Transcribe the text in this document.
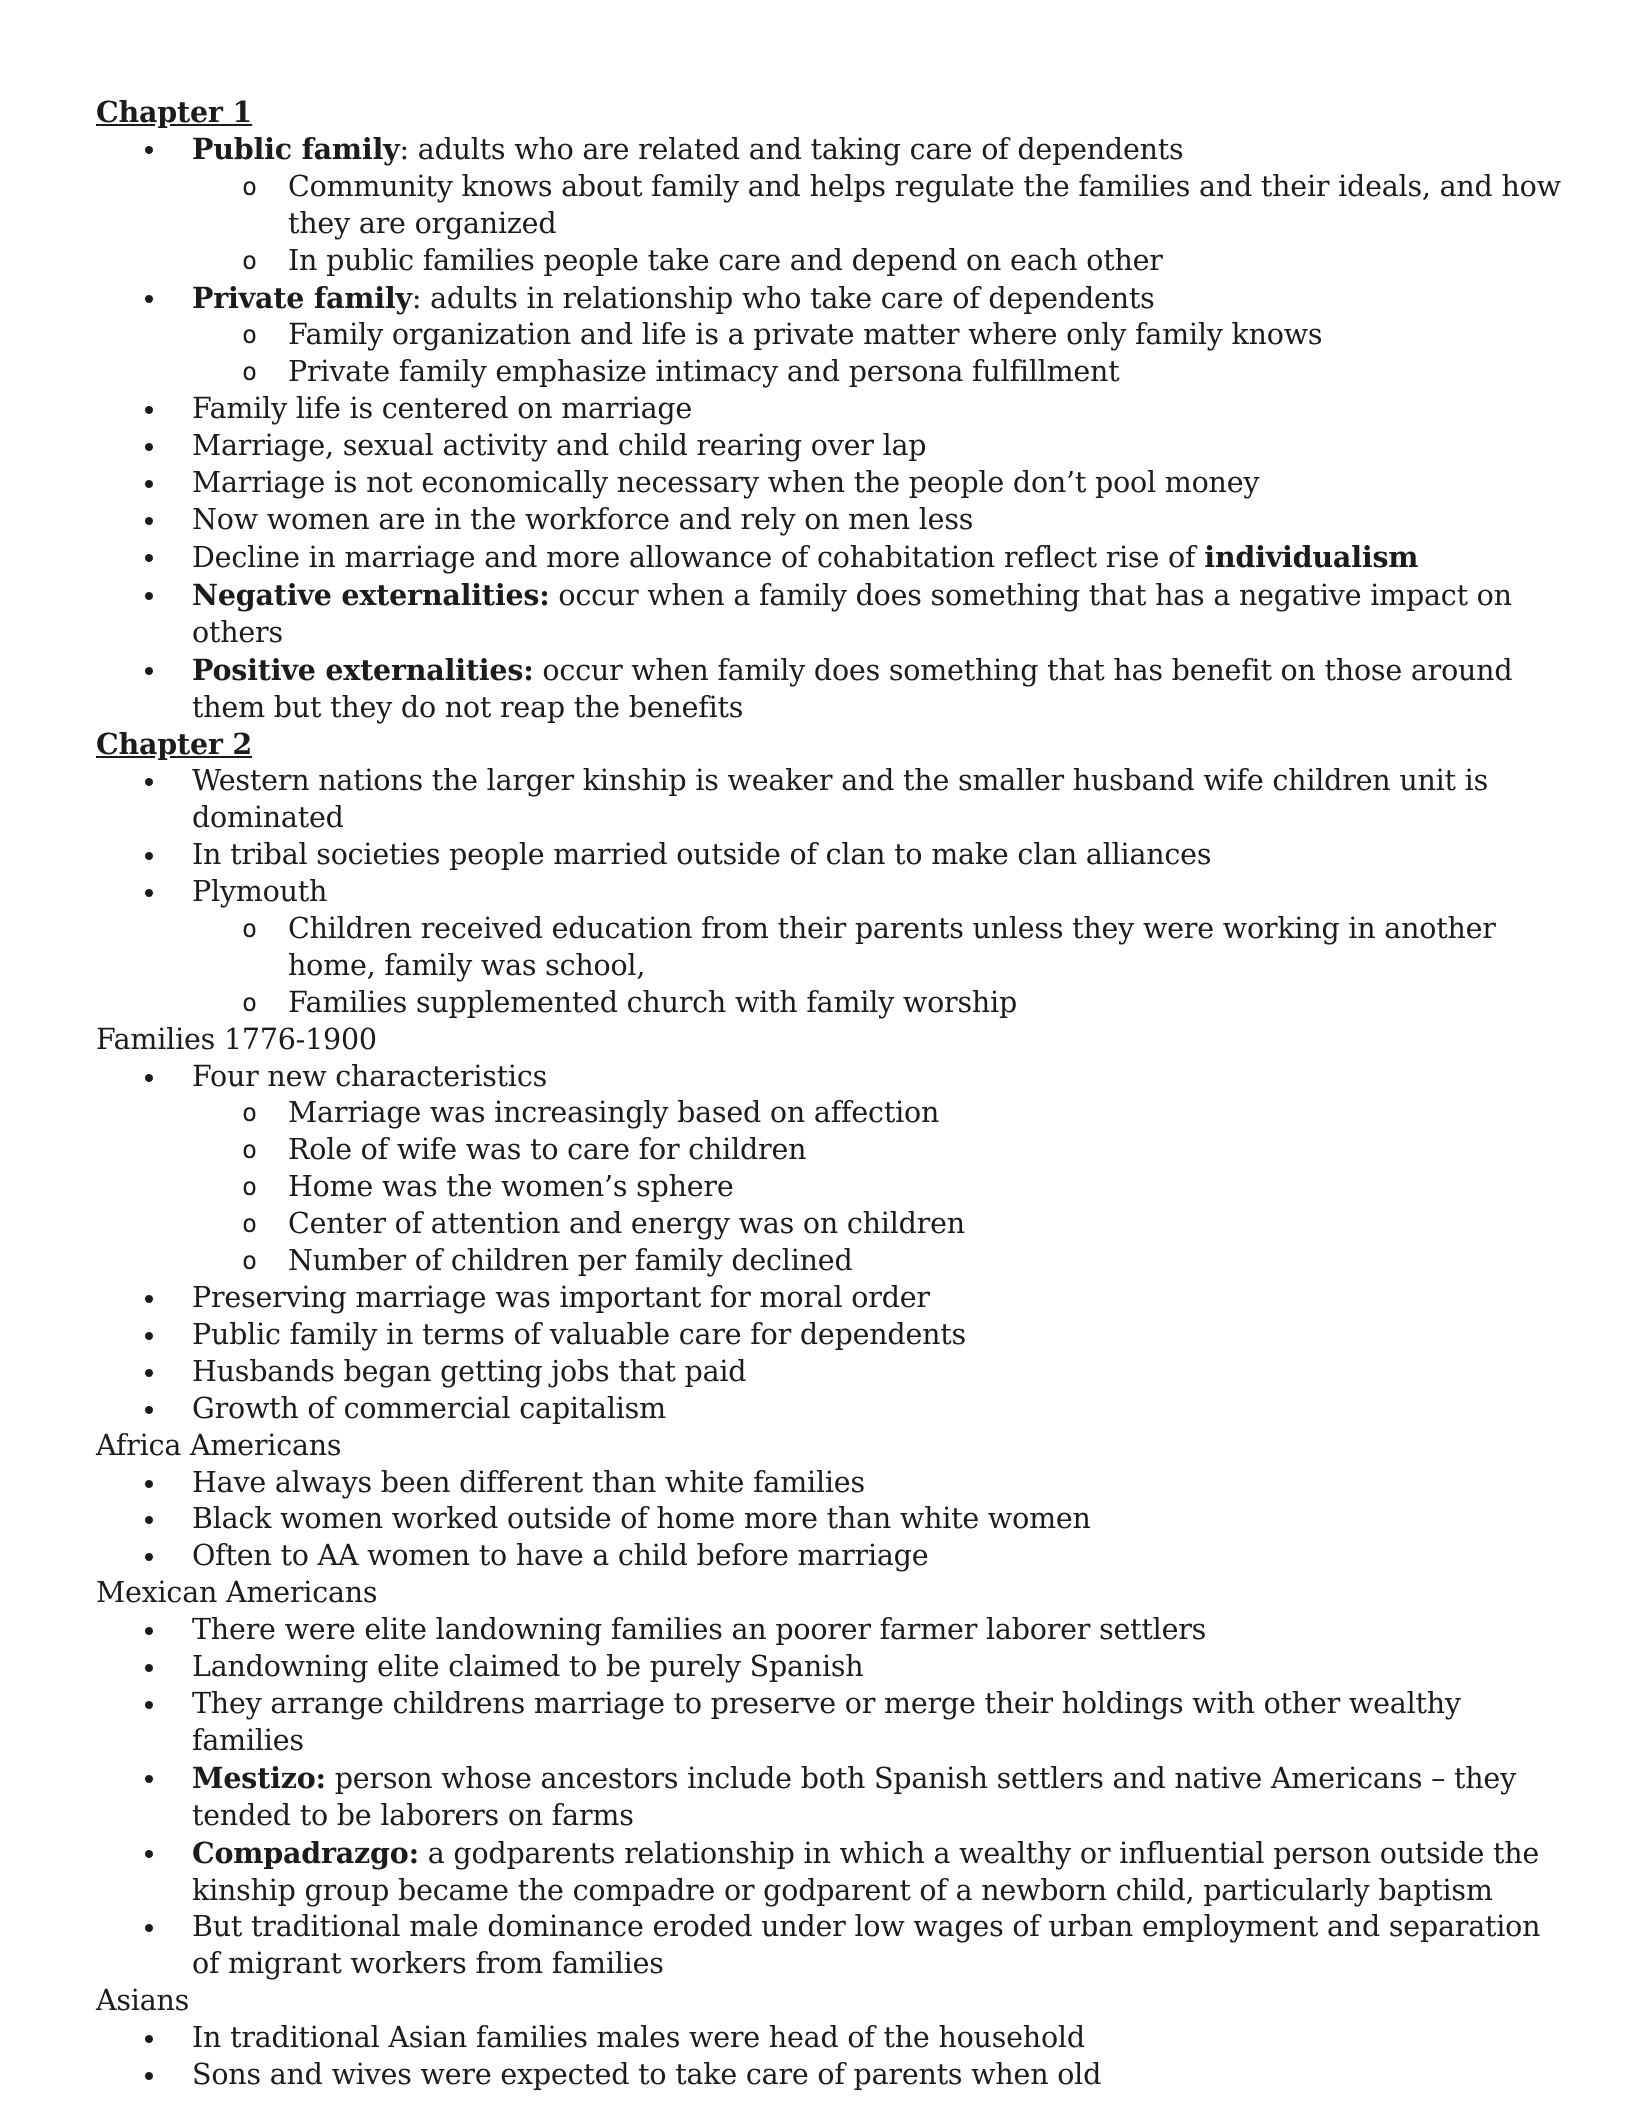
Chapter 1
Public family: adults who are related and taking care of dependents
o Community knows about family and helps regulate the families and their ideals, and how they are organized
o In public families people take care and depend on each other
Private family: adults in relationship who take care of dependents
o Family organization and life is a private matter where only family knows
o Private family emphasize intimacy and persona fulfillment
Family life is centered on marriage
Marriage, sexual activity and child rearing over lap
Marriage is not economically necessary when the people don’t pool money
Now women are in the workforce and rely on men less
Decline in marriage and more allowance of cohabitation reflect rise of individualism
Negative externalities: occur when a family does something that has a negative impact on others
Positive externalities: occur when family does something that has benefit on those around them but they do not reap the benefits
Chapter 2
Western nations the larger kinship is weaker and the smaller husband wife children unit is dominated
In tribal societies people married outside of clan to make clan alliances
Plymouth
o Children received education from their parents unless they were working in another home, family was school,
o Families supplemented church with family worship
Families 1776-1900
Four new characteristics
o Marriage was increasingly based on affection
o Role of wife was to care for children
o Home was the women’s sphere
o Center of attention and energy was on children
o Number of children per family declined
Preserving marriage was important for moral order
Public family in terms of valuable care for dependents
Husbands began getting jobs that paid
Growth of commercial capitalism
Africa Americans
Have always been different than white families
Black women worked outside of home more than white women
Often to AA women to have a child before marriage
Mexican Americans
There were elite landowning families an poorer farmer laborer settlers
Landowning elite claimed to be purely Spanish
They arrange childrens marriage to preserve or merge their holdings with other wealthy families
Mestizo: person whose ancestors include both Spanish settlers and native Americans – they tended to be laborers on farms
Compadrazgo: a godparents relationship in which a wealthy or influential person outside the kinship group became the compadre or godparent of a newborn child, particularly baptism
But traditional male dominance eroded under low wages of urban employment and separation of migrant workers from families
Asians
In traditional Asian families males were head of the household
Sons and wives were expected to take care of parents when old
